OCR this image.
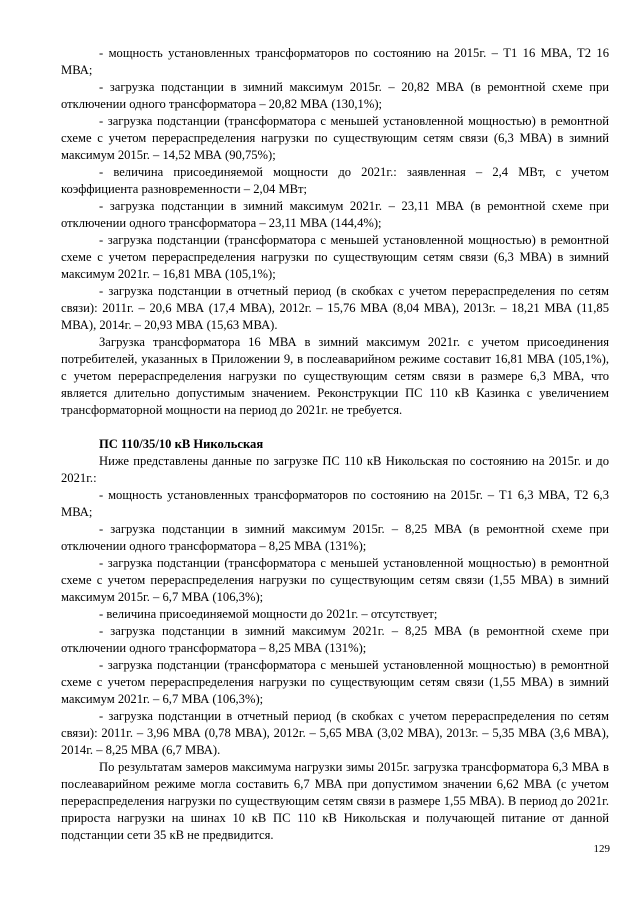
- мощность установленных трансформаторов по состоянию на 2015г. – Т1 16 МВА, Т2 16 МВА;

- загрузка подстанции в зимний максимум 2015г. – 20,82 МВА (в ремонтной схеме при отключении одного трансформатора – 20,82 МВА (130,1%);

- загрузка подстанции (трансформатора с меньшей установленной мощностью) в ремонтной схеме с учетом перераспределения нагрузки по существующим сетям связи (6,3 МВА) в зимний максимум 2015г. – 14,52 МВА (90,75%);

- величина присоединяемой мощности до 2021г.: заявленная – 2,4 МВт, с учетом коэффициента разновременности – 2,04 МВт;

- загрузка подстанции в зимний максимум 2021г. – 23,11 МВА (в ремонтной схеме при отключении одного трансформатора – 23,11 МВА (144,4%);

- загрузка подстанции (трансформатора с меньшей установленной мощностью) в ремонтной схеме с учетом перераспределения нагрузки по существующим сетям связи (6,3 МВА) в зимний максимум 2021г. – 16,81 МВА (105,1%);

- загрузка подстанции в отчетный период (в скобках с учетом перераспределения по сетям связи): 2011г. – 20,6 МВА (17,4 МВА), 2012г. – 15,76 МВА (8,04 МВА), 2013г. – 18,21 МВА (11,85 МВА), 2014г. – 20,93 МВА (15,63 МВА).

Загрузка трансформатора 16 МВА в зимний максимум 2021г. с учетом присоединения потребителей, указанных в Приложении 9, в послеаварийном режиме составит 16,81 МВА (105,1%), с учетом перераспределения нагрузки по существующим сетям связи в размере 6,3 МВА, что является длительно допустимым значением. Реконструкции ПС 110 кВ Казинка с увеличением трансформаторной мощности на период до 2021г. не требуется.

ПС 110/35/10 кВ Никольская

Ниже представлены данные по загрузке ПС 110 кВ Никольская по состоянию на 2015г. и до 2021г.:

- мощность установленных трансформаторов по состоянию на 2015г. – Т1 6,3 МВА, Т2 6,3 МВА;

- загрузка подстанции в зимний максимум 2015г. – 8,25 МВА (в ремонтной схеме при отключении одного трансформатора – 8,25 МВА (131%);

- загрузка подстанции (трансформатора с меньшей установленной мощностью) в ремонтной схеме с учетом перераспределения нагрузки по существующим сетям связи (1,55 МВА) в зимний максимум 2015г. – 6,7 МВА (106,3%);

- величина присоединяемой мощности до 2021г. – отсутствует;

- загрузка подстанции в зимний максимум 2021г. – 8,25 МВА (в ремонтной схеме при отключении одного трансформатора – 8,25 МВА (131%);

- загрузка подстанции (трансформатора с меньшей установленной мощностью) в ремонтной схеме с учетом перераспределения нагрузки по существующим сетям связи (1,55 МВА) в зимний максимум 2021г. – 6,7 МВА (106,3%);

- загрузка подстанции в отчетный период (в скобках с учетом перераспределения по сетям связи): 2011г. – 3,96 МВА (0,78 МВА), 2012г. – 5,65 МВА (3,02 МВА), 2013г. – 5,35 МВА (3,6 МВА), 2014г. – 8,25 МВА (6,7 МВА).

По результатам замеров максимума нагрузки зимы 2015г. загрузка трансформатора 6,3 МВА в послеаварийном режиме могла составить 6,7 МВА при допустимом значении 6,62 МВА (с учетом перераспределения нагрузки по существующим сетям связи в размере 1,55 МВА). В период до 2021г. прироста нагрузки на шинах 10 кВ ПС 110 кВ Никольская и получающей питание от данной подстанции сети 35 кВ не предвидится.

129
